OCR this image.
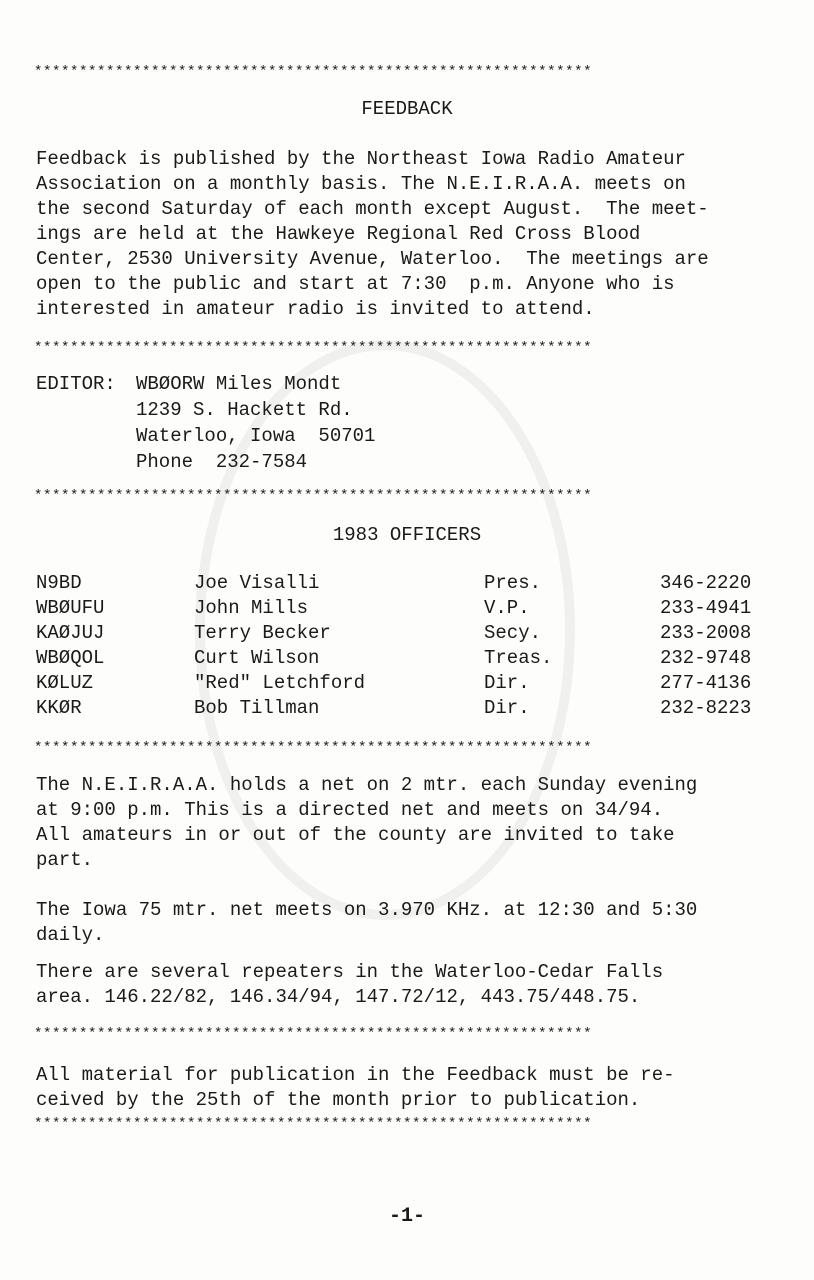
**************************************************************
FEEDBACK

Feedback is published by the Northeast Iowa Radio Amateur
Association on a monthly basis. The N.E.I.R.A.A. meets on
the second Saturday of each month except August.  The meet-
ings are held at the Hawkeye Regional Red Cross Blood
Center, 2530 University Avenue, Waterloo.  The meetings are
open to the public and start at 7:30  p.m. Anyone who is
interested in amateur radio is invited to attend.

**************************************************************
EDITOR: WBØORW Miles Mondt
1239 S. Hackett Rd.
Waterloo, Iowa  50701
Phone  232-7584
**************************************************************
1983 OFFICERS
N9BD	Joe Visalli	Pres.	346-2220
WBØUFU	John Mills	V.P.	233-4941
KAØJUJ	Terry Becker	Secy.	233-2008
WBØQOL	Curt Wilson	Treas.	232-9748
KØLUZ	"Red" Letchford	Dir.	277-4136
KKØR	Bob Tillman	Dir.	232-8223
**************************************************************

The N.E.I.R.A.A. holds a net on 2 mtr. each Sunday evening
at 9:00 p.m. This is a directed net and meets on 34/94.
All amateurs in or out of the county are invited to take
part.

The Iowa 75 mtr. net meets on 3.970 KHz. at 12:30 and 5:30
daily.

There are several repeaters in the Waterloo-Cedar Falls
area. 146.22/82, 146.34/94, 147.72/12, 443.75/448.75.

**************************************************************

All material for publication in the Feedback must be re-
ceived by the 25th of the month prior to publication.

**************************************************************
-1-
